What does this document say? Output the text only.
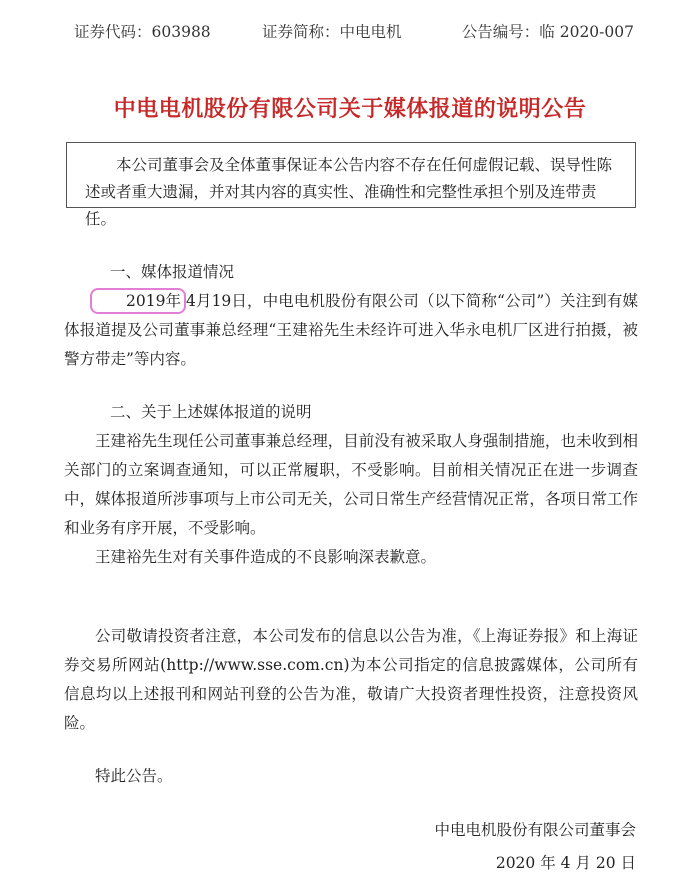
证券代码：603988	证券简称：中电电机	公告编号：临 2020-007
中电电机股份有限公司关于媒体报道的说明公告

本公司董事会及全体董事保证本公告内容不存在任何虚假记载、误导性陈述或者重大遗漏，并对其内容的真实性、准确性和完整性承担个别及连带责任。

一、媒体报道情况

2019年 4月19日，中电电机股份有限公司（以下简称“公司”）关注到有媒体报道提及公司董事兼总经理“王建裕先生未经许可进入华永电机厂区进行拍摄，被警方带走”等内容。

二、关于上述媒体报道的说明

王建裕先生现任公司董事兼总经理，目前没有被采取人身强制措施，也未收到相关部门的立案调查通知，可以正常履职，不受影响。目前相关情况正在进一步调查中，媒体报道所涉事项与上市公司无关，公司日常生产经营情况正常，各项日常工作和业务有序开展，不受影响。

王建裕先生对有关事件造成的不良影响深表歉意。

公司敬请投资者注意，本公司发布的信息以公告为准，《上海证券报》和上海证券交易所网站(http://www.sse.com.cn)为本公司指定的信息披露媒体，公司所有信息均以上述报刊和网站刊登的公告为准，敬请广大投资者理性投资，注意投资风险。

特此公告。

中电电机股份有限公司董事会
2020 年 4 月 20 日
